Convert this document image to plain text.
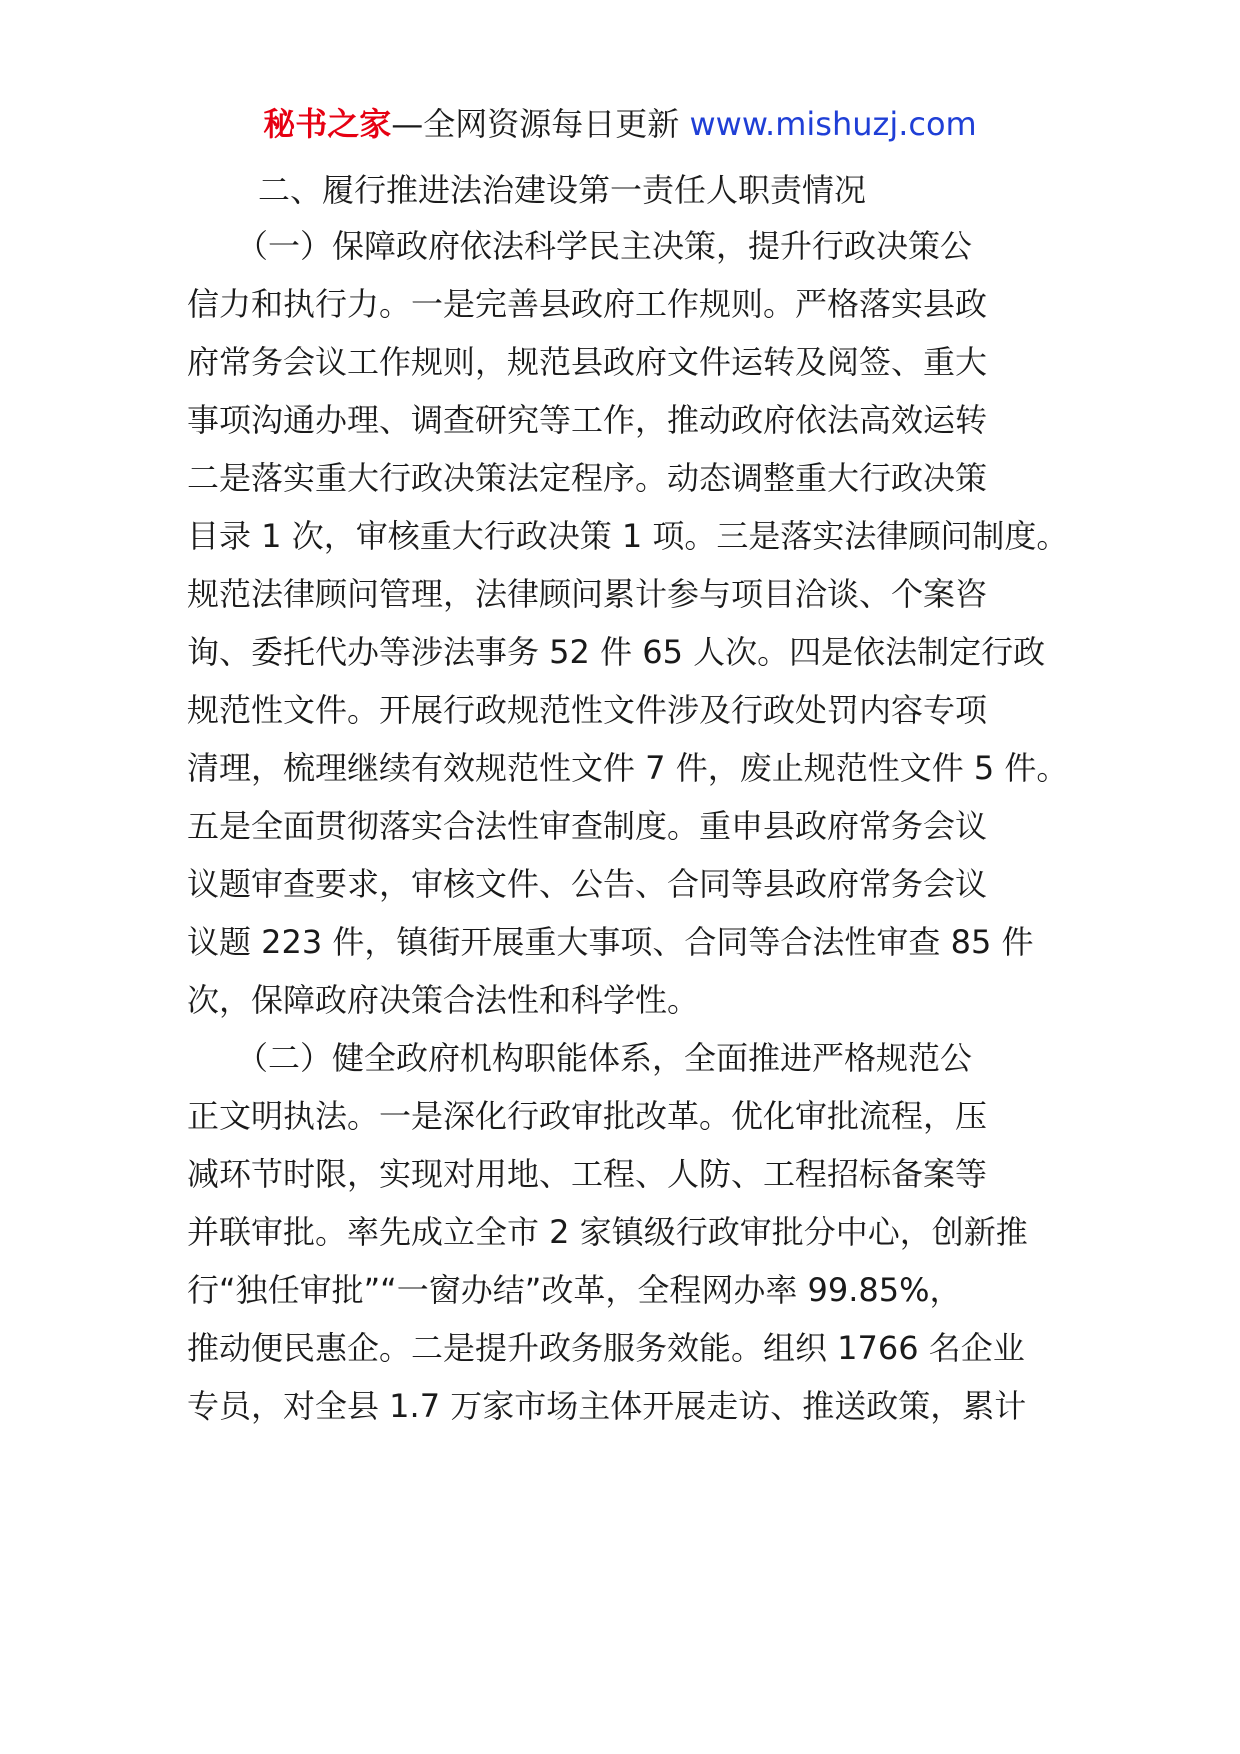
秘书之家—全网资源每日更新 www.mishuzj.com
二、履行推进法治建设第一责任人职责情况
（一）保障政府依法科学民主决策，提升行政决策公
信力和执行力。一是完善县政府工作规则。严格落实县政
府常务会议工作规则，规范县政府文件运转及阅签、重大
事项沟通办理、调查研究等工作，推动政府依法高效运转
二是落实重大行政决策法定程序。动态调整重大行政决策
目录 1 次，审核重大行政决策 1 项。三是落实法律顾问制度。
规范法律顾问管理，法律顾问累计参与项目洽谈、个案咨
询、委托代办等涉法事务 52 件 65 人次。四是依法制定行政
规范性文件。开展行政规范性文件涉及行政处罚内容专项
清理，梳理继续有效规范性文件 7 件，废止规范性文件 5 件。
五是全面贯彻落实合法性审查制度。重申县政府常务会议
议题审查要求，审核文件、公告、合同等县政府常务会议
议题 223 件，镇街开展重大事项、合同等合法性审查 85 件
次，保障政府决策合法性和科学性。
（二）健全政府机构职能体系，全面推进严格规范公
正文明执法。一是深化行政审批改革。优化审批流程，压
减环节时限，实现对用地、工程、人防、工程招标备案等
并联审批。率先成立全市 2 家镇级行政审批分中心，创新推
行“独任审批”“一窗办结”改革，全程网办率 99.85%，
推动便民惠企。二是提升政务服务效能。组织 1766 名企业
专员，对全县 1.7 万家市场主体开展走访、推送政策，累计
